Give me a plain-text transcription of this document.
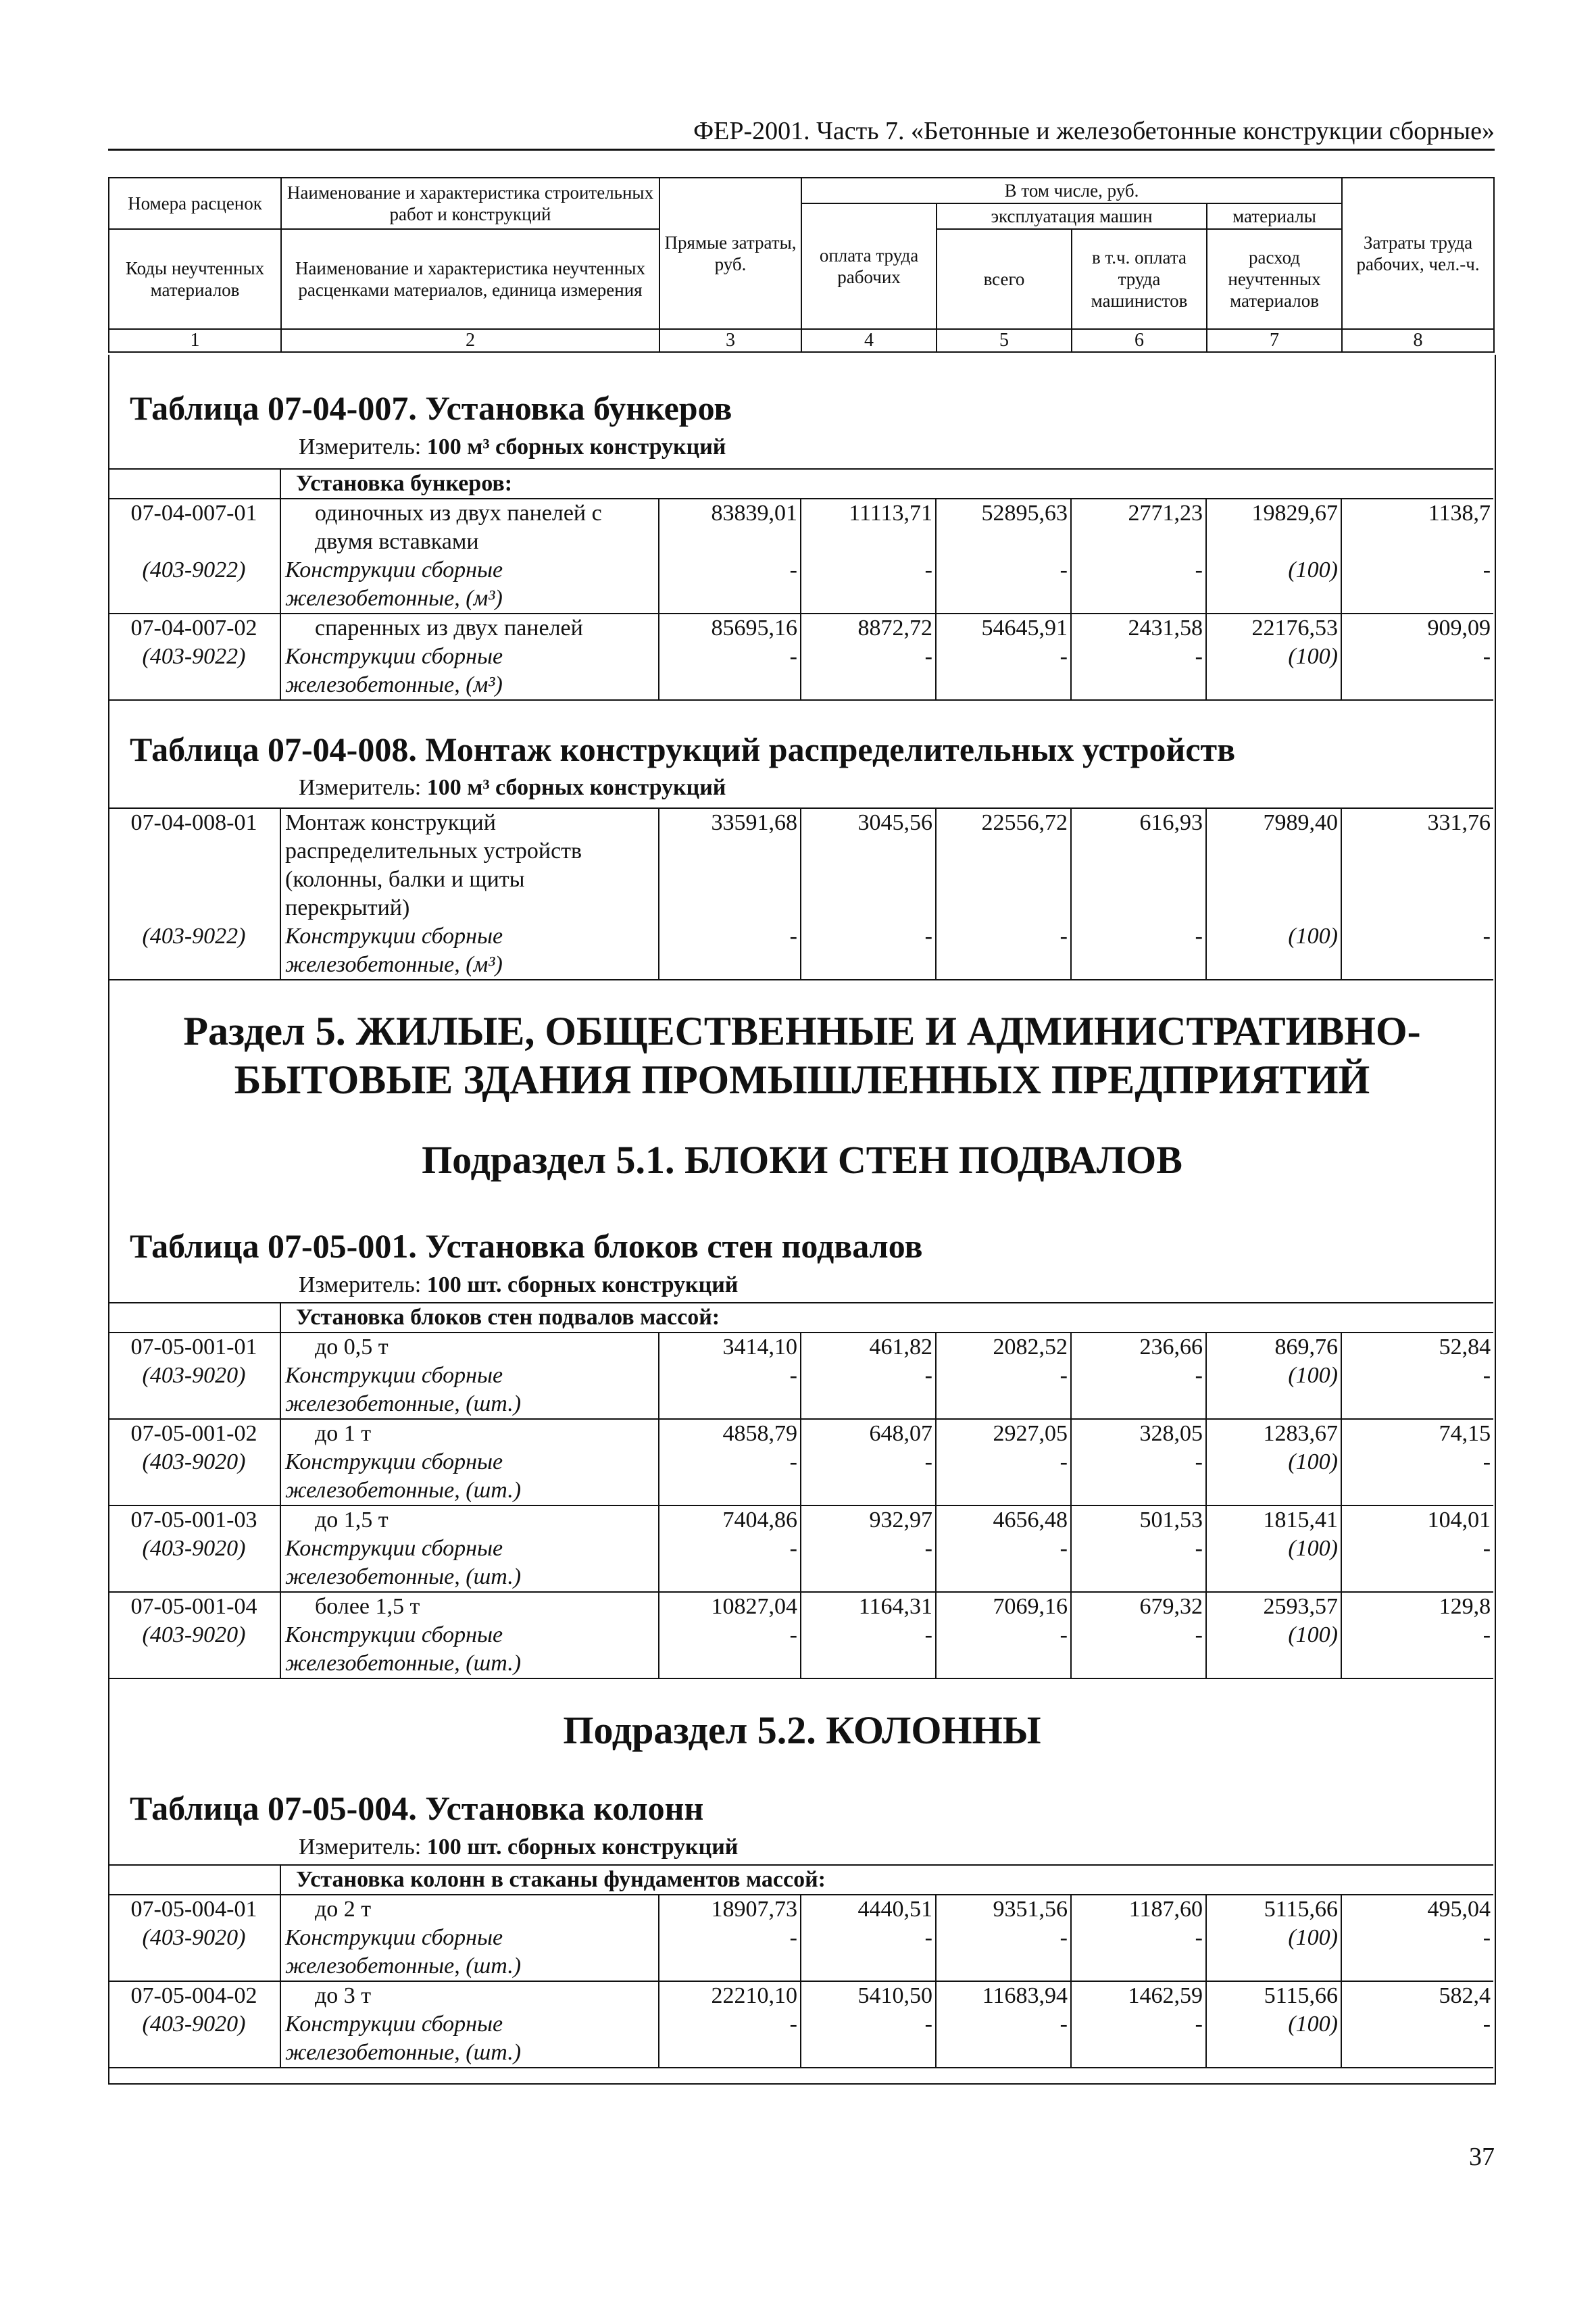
ФЕР-2001. Часть 7. «Бетонные и железобетонные конструкции сборные»
Номера расценок	Наименование и характеристика строительных работ и конструкций	Прямые затраты, руб.	В том числе, руб.				Затраты труда рабочих, чел.-ч.
			оплата труда рабочих	эксплуатация машин		материалы	
Коды неучтенных материалов	Наименование и характеристика неучтенных расценками материалов, единица измерения			всего	в т.ч. оплата труда машинистов	расход неучтенных материалов	

1	2	3	4	5	6	7	8
Таблица 07-04-007. Установка бункеров
Измеритель: 100 м³ сборных конструкций
	Установка бункеров:						
07-04-007-01	одиночных из двух панелей с двумя вставками	83839,01	11113,71	52895,63	2771,23	19829,67	1138,7
(403-9022)	Конструкции сборные железобетонные, (м³)	-	-	-	-	(100)	-
07-04-007-02	спаренных из двух панелей	85695,16	8872,72	54645,91	2431,58	22176,53	909,09
(403-9022)	Конструкции сборные железобетонные, (м³)	-	-	-	-	(100)	-
Таблица 07-04-008. Монтаж конструкций распределительных устройств
Измеритель: 100 м³ сборных конструкций
07-04-008-01	Монтаж конструкций распределительных устройств (колонны, балки и щиты перекрытий)	33591,68	3045,56	22556,72	616,93	7989,40	331,76
(403-9022)	Конструкции сборные железобетонные, (м³)	-	-	-	-	(100)	-
Раздел 5. ЖИЛЫЕ, ОБЩЕСТВЕННЫЕ И АДМИНИСТРАТИВНО-
БЫТОВЫЕ ЗДАНИЯ ПРОМЫШЛЕННЫХ ПРЕДПРИЯТИЙ
Подраздел 5.1. БЛОКИ СТЕН ПОДВАЛОВ
Таблица 07-05-001. Установка блоков стен подвалов
Измеритель: 100 шт. сборных конструкций
	Установка блоков стен подвалов массой:						
07-05-001-01	до 0,5 т	3414,10	461,82	2082,52	236,66	869,76	52,84
(403-9020)	Конструкции сборные железобетонные, (шт.)	-	-	-	-	(100)	-
07-05-001-02	до 1 т	4858,79	648,07	2927,05	328,05	1283,67	74,15
(403-9020)	Конструкции сборные железобетонные, (шт.)	-	-	-	-	(100)	-
07-05-001-03	до 1,5 т	7404,86	932,97	4656,48	501,53	1815,41	104,01
(403-9020)	Конструкции сборные железобетонные, (шт.)	-	-	-	-	(100)	-
07-05-001-04	более 1,5 т	10827,04	1164,31	7069,16	679,32	2593,57	129,8
(403-9020)	Конструкции сборные железобетонные, (шт.)	-	-	-	-	(100)	-
Подраздел 5.2. КОЛОННЫ
Таблица 07-05-004. Установка колонн
Измеритель: 100 шт. сборных конструкций
	Установка колонн в стаканы фундаментов массой:						
07-05-004-01	до 2 т	18907,73	4440,51	9351,56	1187,60	5115,66	495,04
(403-9020)	Конструкции сборные железобетонные, (шт.)	-	-	-	-	(100)	-
07-05-004-02	до 3 т	22210,10	5410,50	11683,94	1462,59	5115,66	582,4
(403-9020)	Конструкции сборные железобетонные, (шт.)	-	-	-	-	(100)	-
37
